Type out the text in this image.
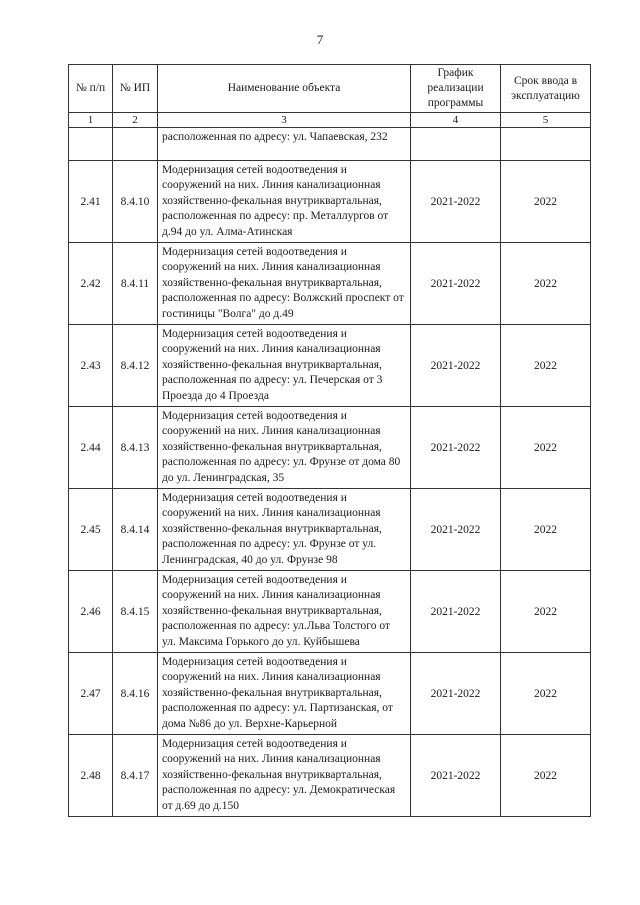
7
№ п/п	№ ИП	Наименование объекта	График реализации программы	Срок ввода в эксплуатацию
1	2	3	4	5
		расположенная по адресу: ул. Чапаевская, 232		
2.41	8.4.10	Модернизация сетей водоотведения и сооружений на них. Линия канализационная хозяйственно-фекальная внутриквартальная, расположенная по адресу: пр. Металлургов от д.94 до ул. Алма-Атинская	2021-2022	2022
2.42	8.4.11	Модернизация сетей водоотведения и сооружений на них. Линия канализационная хозяйственно-фекальная внутриквартальная, расположенная по адресу: Волжский проспект от гостиницы "Волга" до д.49	2021-2022	2022
2.43	8.4.12	Модернизация сетей водоотведения и сооружений на них. Линия канализационная хозяйственно-фекальная внутриквартальная, расположенная по адресу: ул. Печерская от 3 Проезда до 4 Проезда	2021-2022	2022
2.44	8.4.13	Модернизация сетей водоотведения и сооружений на них. Линия канализационная хозяйственно-фекальная внутриквартальная, расположенная по адресу: ул. Фрунзе от дома 80 до ул. Ленинградская, 35	2021-2022	2022
2.45	8.4.14	Модернизация сетей водоотведения и сооружений на них. Линия канализационная хозяйственно-фекальная внутриквартальная, расположенная по адресу: ул. Фрунзе от ул. Ленинградская, 40 до ул. Фрунзе 98	2021-2022	2022
2.46	8.4.15	Модернизация сетей водоотведения и сооружений на них. Линия канализационная хозяйственно-фекальная внутриквартальная, расположенная по адресу: ул.Льва Толстого от ул. Максима Горького до ул. Куйбышева	2021-2022	2022
2.47	8.4.16	Модернизация сетей водоотведения и сооружений на них. Линия канализационная хозяйственно-фекальная внутриквартальная, расположенная по адресу: ул. Партизанская, от дома №86 до ул. Верхне-Карьерной	2021-2022	2022
2.48	8.4.17	Модернизация сетей водоотведения и сооружений на них. Линия канализационная хозяйственно-фекальная внутриквартальная, расположенная по адресу: ул. Демократическая от д.69 до д.150	2021-2022	2022
